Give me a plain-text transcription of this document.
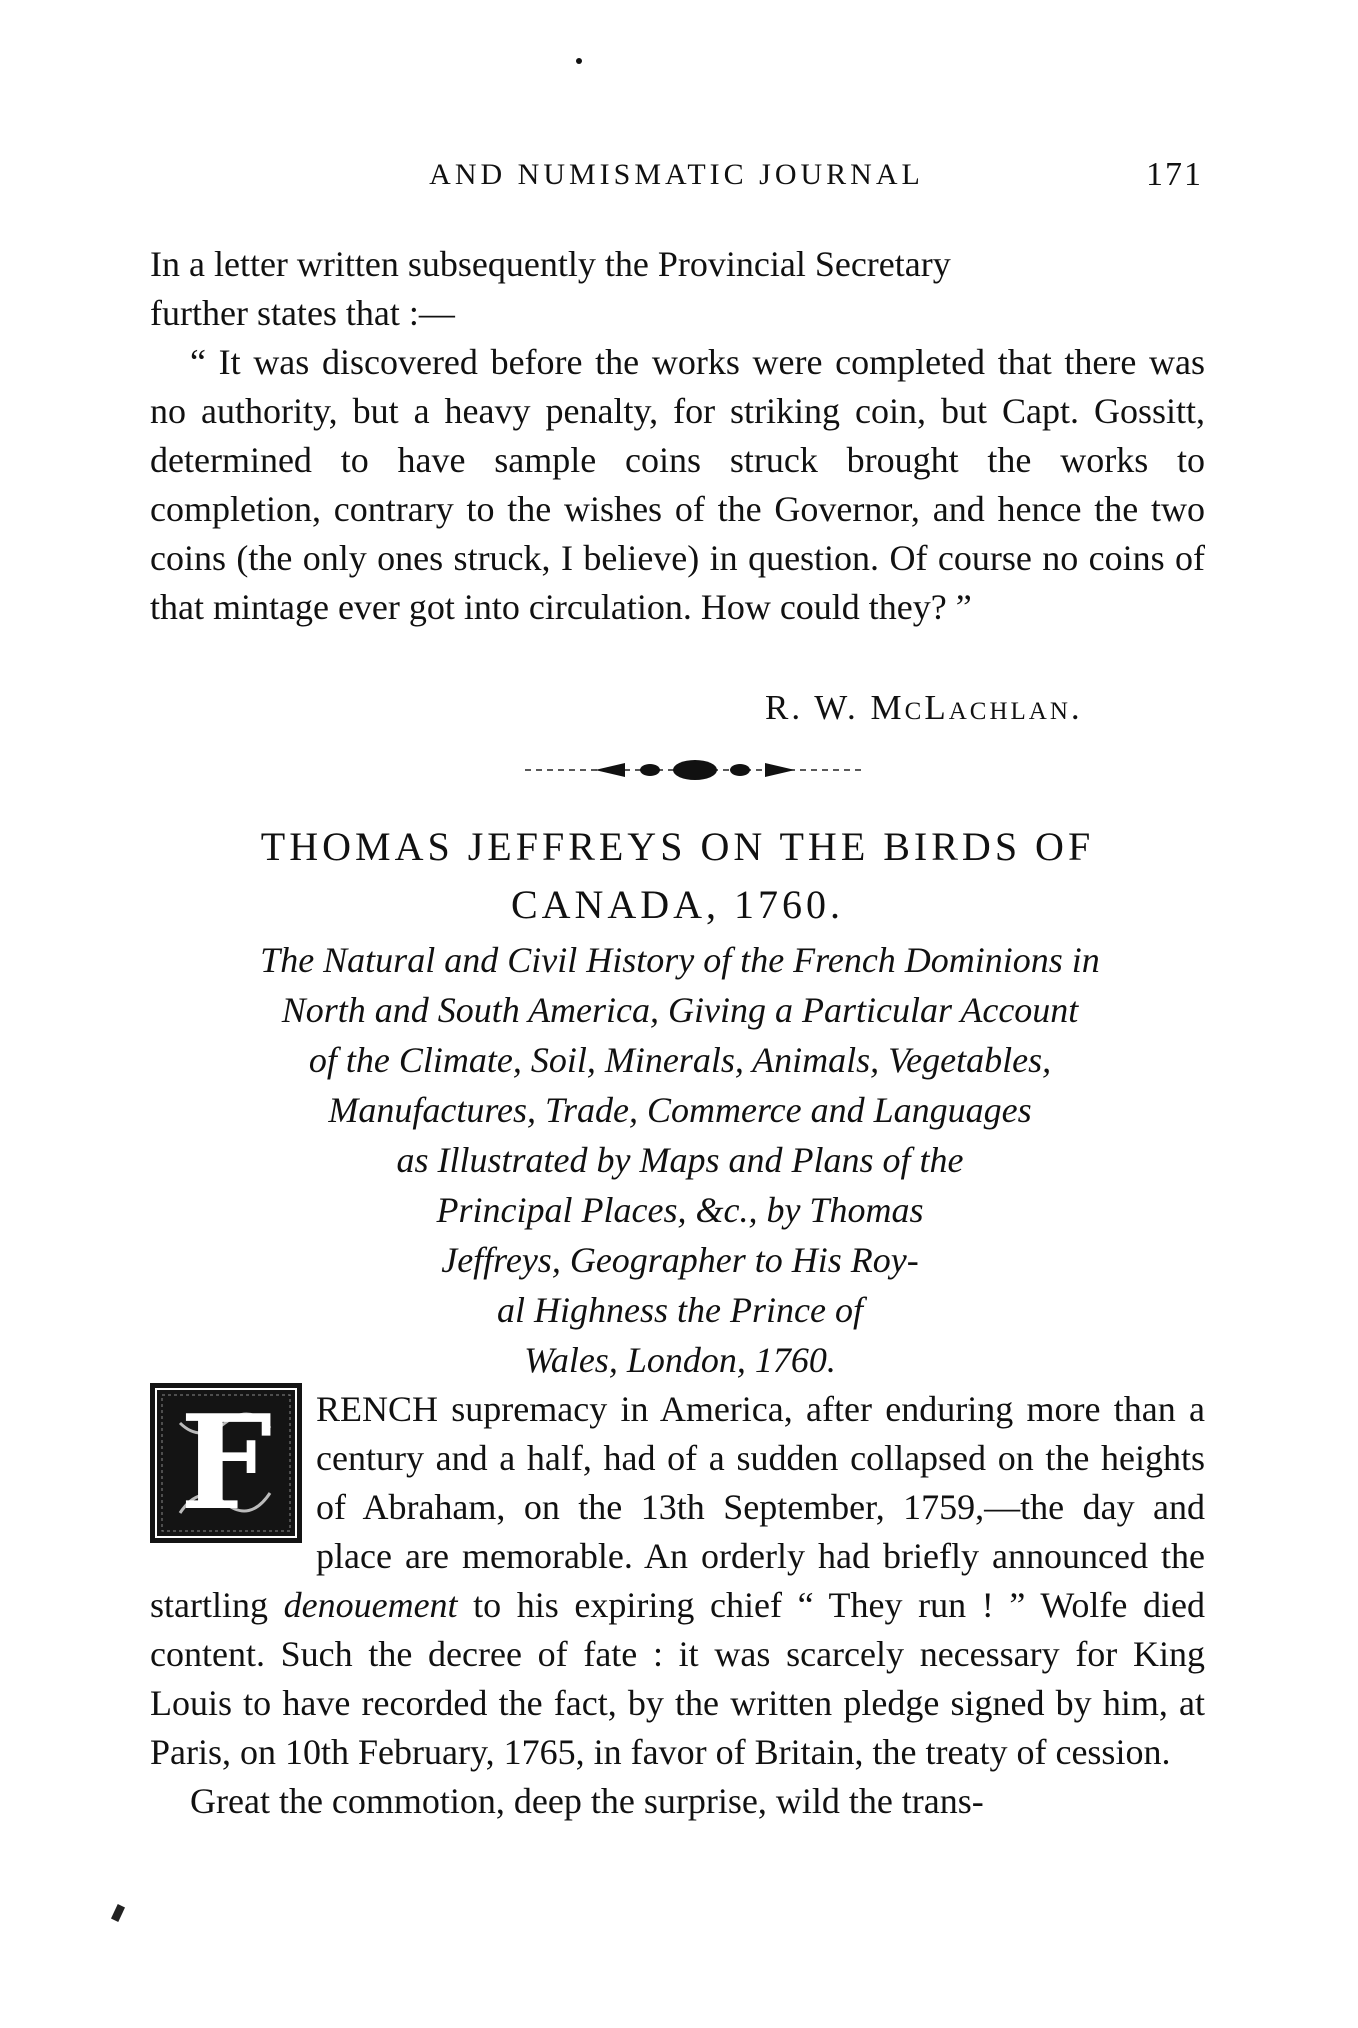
AND NUMISMATIC JOURNAL	171
In a letter written subsequently the Provincial Secretary
further states that :—
“ It was discovered before the works were completed that there was no authority, but a heavy penalty, for striking coin, but Capt. Gossitt, determined to have sample coins struck brought the works to completion, contrary to the wishes of the Governor, and hence the two coins (the only ones struck, I believe) in question. Of course no coins of that mintage ever got into circulation. How could they? ”
R. W. McLachlan.
THOMAS JEFFREYS ON THE BIRDS OF
CANADA, 1760.
The Natural and Civil History of the French Dominions in
North and South America, Giving a Particular Account
of the Climate, Soil, Minerals, Animals, Vegetables,
Manufactures, Trade, Commerce and Languages
as Illustrated by Maps and Plans of the
Principal Places, &c., by Thomas
Jeffreys, Geographer to His Roy-
al Highness the Prince of
Wales, London, 1760.
F	RENCH supremacy in America, after enduring more than a century and a half, had of a sudden collapsed on the heights of Abraham, on the 13th September, 1759,—the day and place are memorable. An orderly had briefly announced the startling denouement to his expiring chief “ They run ! ” Wolfe died content. Such the decree of fate : it was scarcely necessary for King Louis to have recorded the fact, by the written pledge signed by him, at Paris, on 10th February, 1765, in favor of Britain, the treaty of cession.

Great the commotion, deep the surprise, wild the trans-
